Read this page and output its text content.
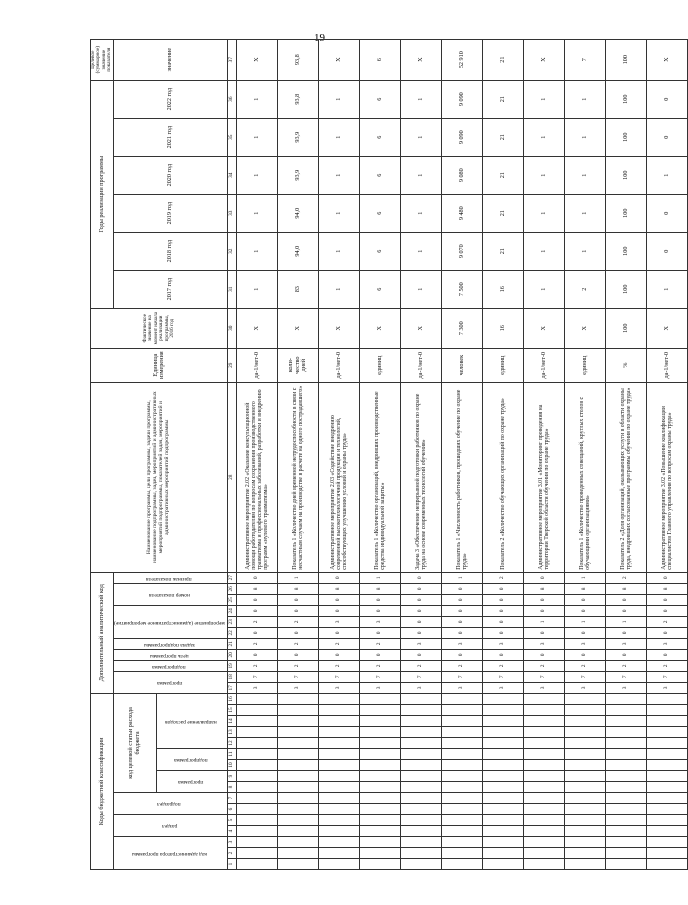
19
Коды бюджетной классификации																Дополнительный аналитический код											Наименование программы, цели программы, задачи программы, наименование подпрограммы, задач, мероприятий и административных мероприятий подпрограммы, показателей задач, мероприятий и административных мероприятий подпрограммы	Единица измерения	Фактическое значение на момент начала реализации программы, 2016 год	Годы реализации программы						Целевое (суммарное) значение показателя
код администратора программы			раздел		подраздел		код целевой статьи расхода бюджета									программа		подпрограмма	цель программы	задача подпрограммы	мероприятие (административное мероприятие)			номер показателя		признак показателя				2017 год	2018 год	2019 год	2020 год	2021 год	2022 год	значение
							программа		подпрограмма		направление расходов																								
1	2	3	4	5	6	7	8	9	10	11	12	13	14	15	16	17	18	19	20	21	22	23	24	25	26	27	28	29	30	31	32	33	34	35	36	37
																3	7	2	0	2	0	2	0	0	8	0	Административное мероприятие 2.02 «Оказание консультационной помощи работодателям по вопросам сохранения производственного травматизма и профессиональных заболеваний, разработки и внедрению программ «нулевого травматизма»	да-1/нет-0	X	1	1	1	1	1	1	X
																3	7	2	0	2	0	2	0	0	8	1	Показатель 1 «Количество дней временной нетрудоспособности в связи с несчастным случаем на производстве в расчете на одного пострадавшего»	коли-чество дней	X	83	94,0	94,0	93,9	93,9	93,8	93,8
																3	7	2	0	2	0	3	0	0	8	0	Административное мероприятие 2.03 «Содействие внедрению современной высокотехнологичной продукции и технологий, способствующих улучшению условий и охраны труда»	да-1/нет-0	X	1	1	1	1	1	1	X
																3	7	2	0	2	0	3	0	0	8	1	Показатель 1 «Количество организаций, внедривших производственные средства индивидуальной защиты»	единиц	X	6	6	6	6	6	6	6
																3	7	2	0	3	0	0	0	0	0	0	Задача 3 «Обеспечение непрерывной подготовки работников по охране труда на основе современных технологий обучения»	да-1/нет-0	X	1	1	1	1	1	1	X
																3	7	2	0	3	0	0	0	0	0	1	Показатель 1 «Численность работников, прошедших обучение по охране труда»	человек	7 300	7 500	9 070	9 480	9 080	9 090	9 090	52 910
																3	7	2	0	3	0	0	0	0	0	2	Показатель 2 «Количество обучающих организаций по охране труда»	единиц	16	16	21	21	21	21	21	21
																3	7	2	0	3	0	1	0	0	8	0	Административное мероприятие 3.01 «Мониторинг проведения на территории Тверской области обучения по охране труда»	да-1/нет-0	X	1	1	1	1	1	1	X
																3	7	2	0	3	0	1	0	0	8	1	Показатель 1 «Количество проведенных совещаний, круглых столов с обучающими организациями»	единиц	X	2	1	1	1	1	1	7
																3	7	2	0	3	0	1	0	0	8	2	Показатель 2 «Доля организаций, оказывающих услуги в области охраны труда, внедривших согласованные программы обучения по охране труда»	%	100	100	100	100	100	100	100	100
																3	7	2	0	3	0	2	0	0	8	0	Административное мероприятие 3.02 «Повышение квалификации специалистов Главного управления по вопросам охраны труда»	да-1/нет-0	X	1	0	0	1	0	0	X
